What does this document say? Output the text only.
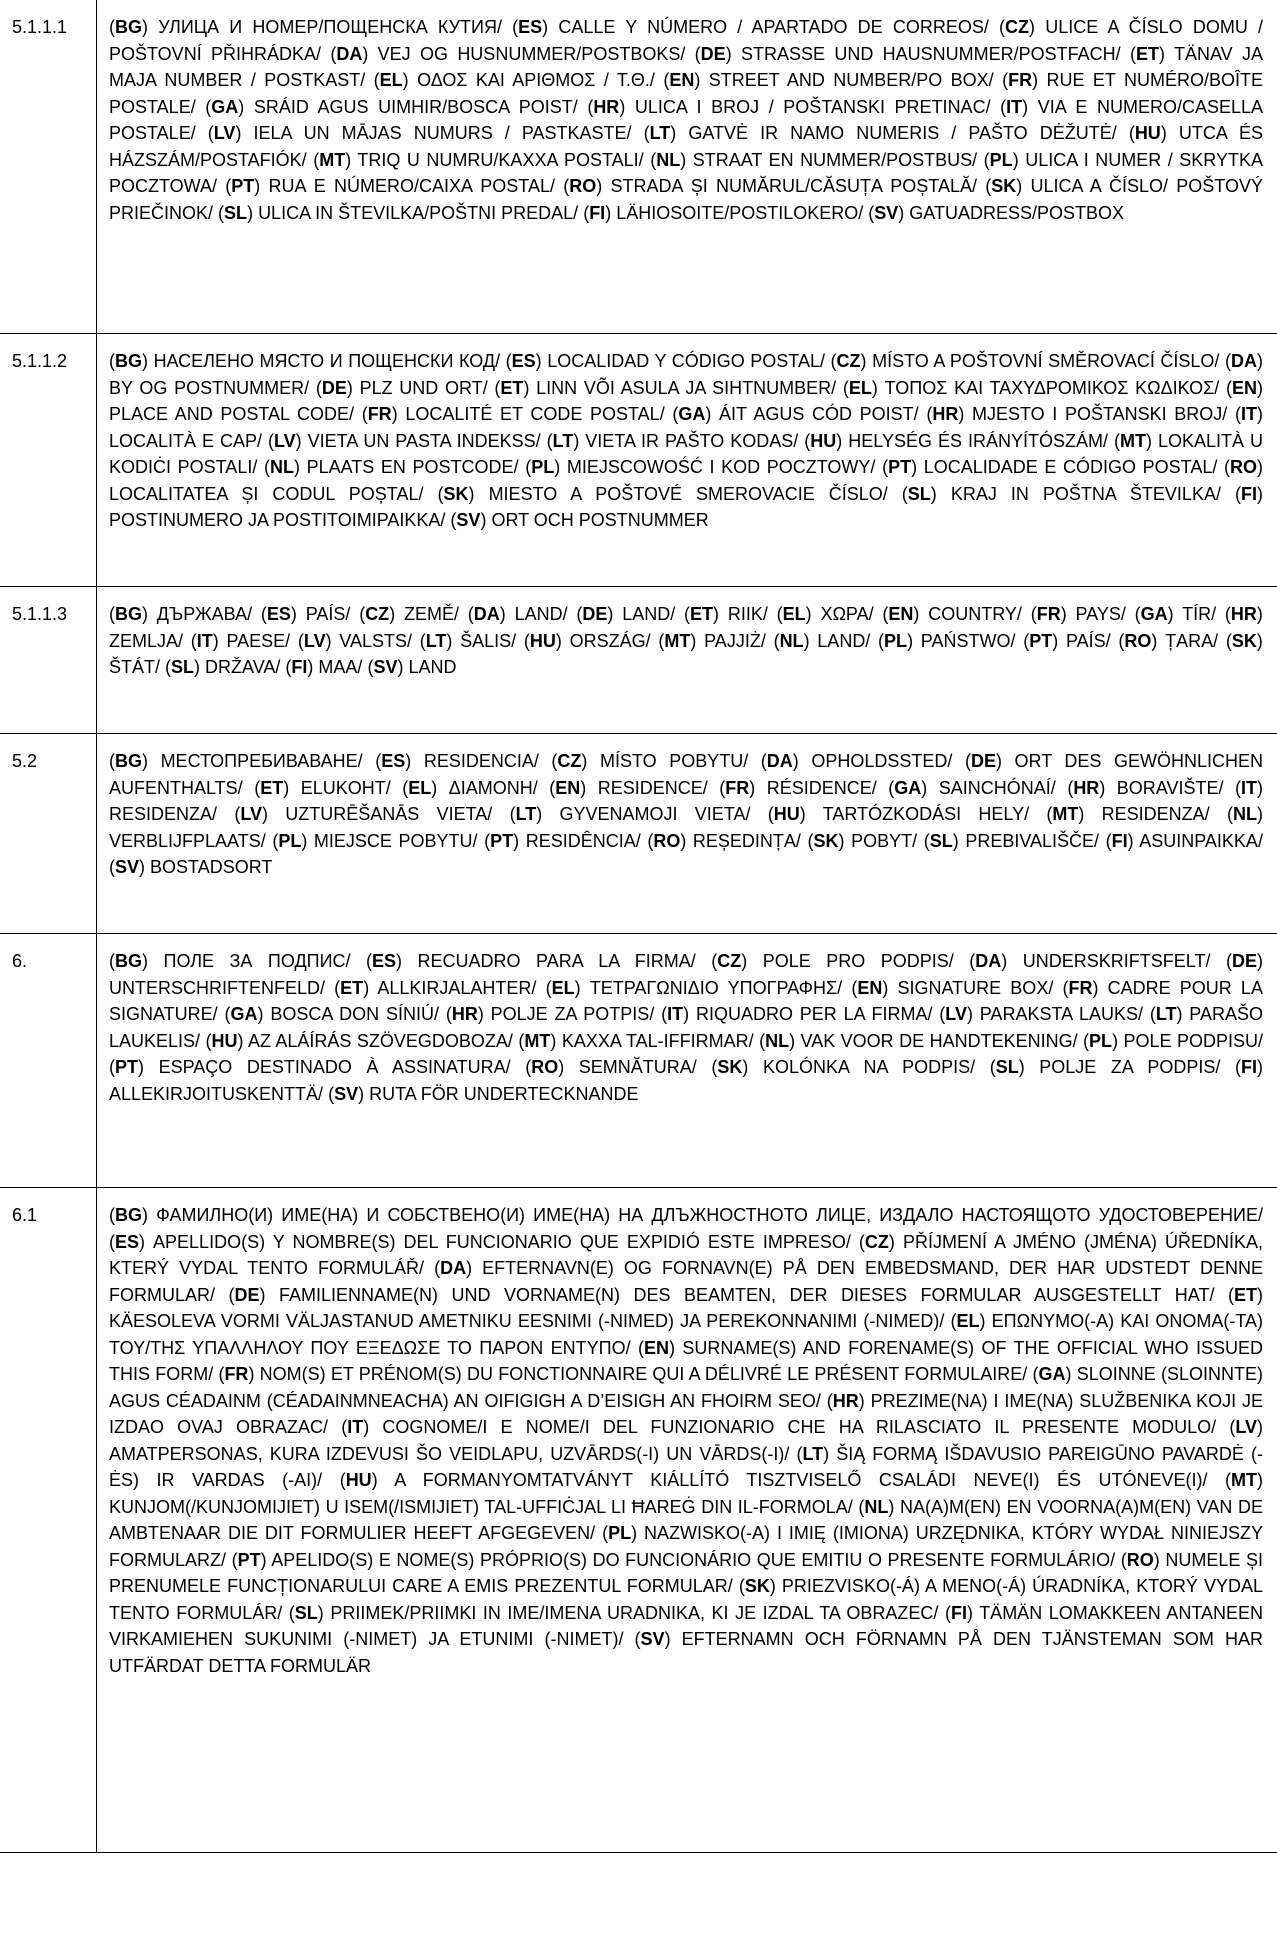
5.1.1.1	(BG) УЛИЦА И НОМЕР/ПОЩЕНСКА КУТИЯ/ (ES) CALLE Y NÚMERO / APARTADO DE CORREOS/ (CZ) ULICE A ČÍSLO DOMU / POŠTOVNÍ PŘIHRÁDKA/ (DA) VEJ OG HUSNUMMER/POSTBOKS/ (DE) STRASSE UND HAUSNUMMER/POSTFACH/ (ET) TÄNAV JA MAJA NUMBER / POSTKAST/ (EL) ΟΔΟΣ ΚΑΙ ΑΡΙΘΜΟΣ / Τ.Θ./ (EN) STREET AND NUMBER/PO BOX/ (FR) RUE ET NUMÉRO/BOÎTE POSTALE/ (GA) SRÁID AGUS UIMHIR/BOSCA POIST/ (HR) ULICA I BROJ / POŠTANSKI PRETINAC/ (IT) VIA E NUMERO/CASELLA POSTALE/ (LV) IELA UN MĀJAS NUMURS / PASTKASTE/ (LT) GATVĖ IR NAMO NUMERIS / PAŠTO DĖŽUTĖ/ (HU) UTCA ÉS HÁZSZÁM/POSTAFIÓK/ (MT) TRIQ U NUMRU/KAXXA POSTALI/ (NL) STRAAT EN NUMMER/POSTBUS/ (PL) ULICA I NUMER / SKRYTKA POCZTOWA/ (PT) RUA E NÚMERO/CAIXA POSTAL/ (RO) STRADA ȘI NUMĂRUL/CĂSUȚA POȘTALĂ/ (SK) ULICA A ČÍSLO/ POŠTOVÝ PRIEČINOK/ (SL) ULICA IN ŠTEVILKA/POŠTNI PREDAL/ (FI) LÄHIOSOITE/POSTILOKERO/ (SV) GATUADRESS/POSTBOX
5.1.1.2	(BG) НАСЕЛЕНО МЯСТО И ПОЩЕНСКИ КОД/ (ES) LOCALIDAD Y CÓDIGO POSTAL/ (CZ) MÍSTO A POŠTOVNÍ SMĚROVACÍ ČÍSLO/ (DA) BY OG POSTNUMMER/ (DE) PLZ UND ORT/ (ET) LINN VÕI ASULA JA SIHTNUMBER/ (EL) ΤΟΠΟΣ ΚΑΙ ΤΑΧΥΔΡΟΜΙΚΟΣ ΚΩΔΙΚΟΣ/ (EN) PLACE AND POSTAL CODE/ (FR) LOCALITÉ ET CODE POSTAL/ (GA) ÁIT AGUS CÓD POIST/ (HR) MJESTO I POŠTANSKI BROJ/ (IT) LOCALITÀ E CAP/ (LV) VIETA UN PASTA INDEKSS/ (LT) VIETA IR PAŠTO KODAS/ (HU) HELYSÉG ÉS IRÁNYÍTÓSZÁM/ (MT) LOKALITÀ U KODIĊI POSTALI/ (NL) PLAATS EN POSTCODE/ (PL) MIEJSCOWOŚĆ I KOD POCZTOWY/ (PT) LOCALIDADE E CÓDIGO POSTAL/ (RO) LOCALITATEA ȘI CODUL POȘTAL/ (SK) MIESTO A POŠTOVÉ SMEROVACIE ČÍSLO/ (SL) KRAJ IN POŠTNA ŠTEVILKA/ (FI) POSTINUMERO JA POSTITOIMIPAIKKA/ (SV) ORT OCH POSTNUMMER
5.1.1.3	(BG) ДЪРЖАВА/ (ES) PAÍS/ (CZ) ZEMĚ/ (DA) LAND/ (DE) LAND/ (ET) RIIK/ (EL) ΧΩΡΑ/ (EN) COUNTRY/ (FR) PAYS/ (GA) TÍR/ (HR) ZEMLJA/ (IT) PAESE/ (LV) VALSTS/ (LT) ŠALIS/ (HU) ORSZÁG/ (MT) PAJJIŻ/ (NL) LAND/ (PL) PAŃSTWO/ (PT) PAÍS/ (RO) ȚARA/ (SK) ŠTÁT/ (SL) DRŽAVA/ (FI) MAA/ (SV) LAND
5.2	(BG) МЕСТОПРЕБИВАВАНЕ/ (ES) RESIDENCIA/ (CZ) MÍSTO POBYTU/ (DA) OPHOLDSSTED/ (DE) ORT DES GEWÖHNLICHEN AUFENTHALTS/ (ET) ELUKOHT/ (EL) ΔΙΑΜΟΝΗ/ (EN) RESIDENCE/ (FR) RÉSIDENCE/ (GA) SAINCHÓNAÍ/ (HR) BORAVIŠTE/ (IT) RESIDENZA/ (LV) UZTURĒŠANĀS VIETA/ (LT) GYVENAMOJI VIETA/ (HU) TARTÓZKODÁSI HELY/ (MT) RESIDENZA/ (NL) VERBLIJFPLAATS/ (PL) MIEJSCE POBYTU/ (PT) RESIDÊNCIA/ (RO) REȘEDINȚA/ (SK) POBYT/ (SL) PREBIVALIŠČE/ (FI) ASUINPAIKKA/ (SV) BOSTADSORT
6.	(BG) ПОЛЕ ЗА ПОДПИС/ (ES) RECUADRO PARA LA FIRMA/ (CZ) POLE PRO PODPIS/ (DA) UNDERSKRIFTSFELT/ (DE) UNTERSCHRIFTENFELD/ (ET) ALLKIRJALAHTER/ (EL) ΤΕΤΡΑΓΩΝΙΔΙΟ ΥΠΟΓΡΑΦΗΣ/ (EN) SIGNATURE BOX/ (FR) CADRE POUR LA SIGNATURE/ (GA) BOSCA DON SÍNIÚ/ (HR) POLJE ZA POTPIS/ (IT) RIQUADRO PER LA FIRMA/ (LV) PARAKSTA LAUKS/ (LT) PARAŠO LAUKELIS/ (HU) AZ ALÁÍRÁS SZÖVEGDOBOZA/ (MT) KAXXA TAL-IFFIRMAR/ (NL) VAK VOOR DE HANDTEKENING/ (PL) POLE PODPISU/ (PT) ESPAÇO DESTINADO À ASSINATURA/ (RO) SEMNĂTURA/ (SK) KOLÓNKA NA PODPIS/ (SL) POLJE ZA PODPIS/ (FI) ALLEKIRJOITUSKENTTÄ/ (SV) RUTA FÖR UNDERTECKNANDE
6.1	(BG) ФАМИЛНО(И) ИМЕ(НА) И СОБСТВЕНО(И) ИМЕ(НА) НА ДЛЪЖНОСТНОТО ЛИЦЕ, ИЗДАЛО НАСТОЯЩОТО УДОСТОВЕРЕНИЕ/ (ES) APELLIDO(S) Y NOMBRE(S) DEL FUNCIONARIO QUE EXPIDIÓ ESTE IMPRESO/ (CZ) PŘÍJMENÍ A JMÉNO (JMÉNA) ÚŘEDNÍKA, KTERÝ VYDAL TENTO FORMULÁŘ/ (DA) EFTERNAVN(E) OG FORNAVN(E) PÅ DEN EMBEDSMAND, DER HAR UDSTEDT DENNE FORMULAR/ (DE) FAMILIENNAME(N) UND VORNAME(N) DES BEAMTEN, DER DIESES FORMULAR AUSGESTELLT HAT/ (ET) KÄESOLEVA VORMI VÄLJASTANUD AMETNIKU EESNIMI (-NIMED) JA PEREKONNANIMI (-NIMED)/ (EL) ΕΠΩΝΥΜΟ(-Α) ΚΑΙ ΟΝΟΜΑ(-ΤΑ) ΤΟΥ/ΤΗΣ ΥΠΑΛΛΗΛΟΥ ΠΟΥ ΕΞΕΔΩΣΕ ΤΟ ΠΑΡΟΝ ΕΝΤΥΠΟ/ (EN) SURNAME(S) AND FORENAME(S) OF THE OFFICIAL WHO ISSUED THIS FORM/ (FR) NOM(S) ET PRÉNOM(S) DU FONCTIONNAIRE QUI A DÉLIVRÉ LE PRÉSENT FORMULAIRE/ (GA) SLOINNE (SLOINNTE) AGUS CÉADAINM (CÉADAINMNEACHA) AN OIFIGIGH A D’EISIGH AN FHOIRM SEO/ (HR) PREZIME(NA) I IME(NA) SLUŽBENIKA KOJI JE IZDAO OVAJ OBRAZAC/ (IT) COGNOME/I E NOME/I DEL FUNZIONARIO CHE HA RILASCIATO IL PRESENTE MODULO/ (LV) AMATPERSONAS, KURA IZDEVUSI ŠO VEIDLAPU, UZVĀRDS(-I) UN VĀRDS(-I)/ (LT) ŠIĄ FORMĄ IŠDAVUSIO PAREIGŪNO PAVARDĖ (-ĖS) IR VARDAS (-AI)/ (HU) A FORMANYOMTATVÁNYT KIÁLLÍTÓ TISZTVISELŐ CSALÁDI NEVE(I) ÉS UTÓNEVE(I)/ (MT) KUNJOM(/KUNJOMIJIET) U ISEM(/ISMIJIET) TAL-UFFIĊJAL LI ĦAREĠ DIN IL-FORMOLA/ (NL) NA(A)M(EN) EN VOORNA(A)M(EN) VAN DE AMBTENAAR DIE DIT FORMULIER HEEFT AFGEGEVEN/ (PL) NAZWISKO(-A) I IMIĘ (IMIONA) URZĘDNIKA, KTÓRY WYDAŁ NINIEJSZY FORMULARZ/ (PT) APELIDO(S) E NOME(S) PRÓPRIO(S) DO FUNCIONÁRIO QUE EMITIU O PRESENTE FORMULÁRIO/ (RO) NUMELE ȘI PRENUMELE FUNCȚIONARULUI CARE A EMIS PREZENTUL FORMULAR/ (SK) PRIEZVISKO(-Á) A MENO(-Á) ÚRADNÍKA, KTORÝ VYDAL TENTO FORMULÁR/ (SL) PRIIMEK/PRIIMKI IN IME/IMENA URADNIKA, KI JE IZDAL TA OBRAZEC/ (FI) TÄMÄN LOMAKKEEN ANTANEEN VIRKAMIEHEN SUKUNIMI (-NIMET) JA ETUNIMI (-NIMET)/ (SV) EFTERNAMN OCH FÖRNAMN PÅ DEN TJÄNSTEMAN SOM HAR UTFÄRDAT DETTA FORMULÄR
